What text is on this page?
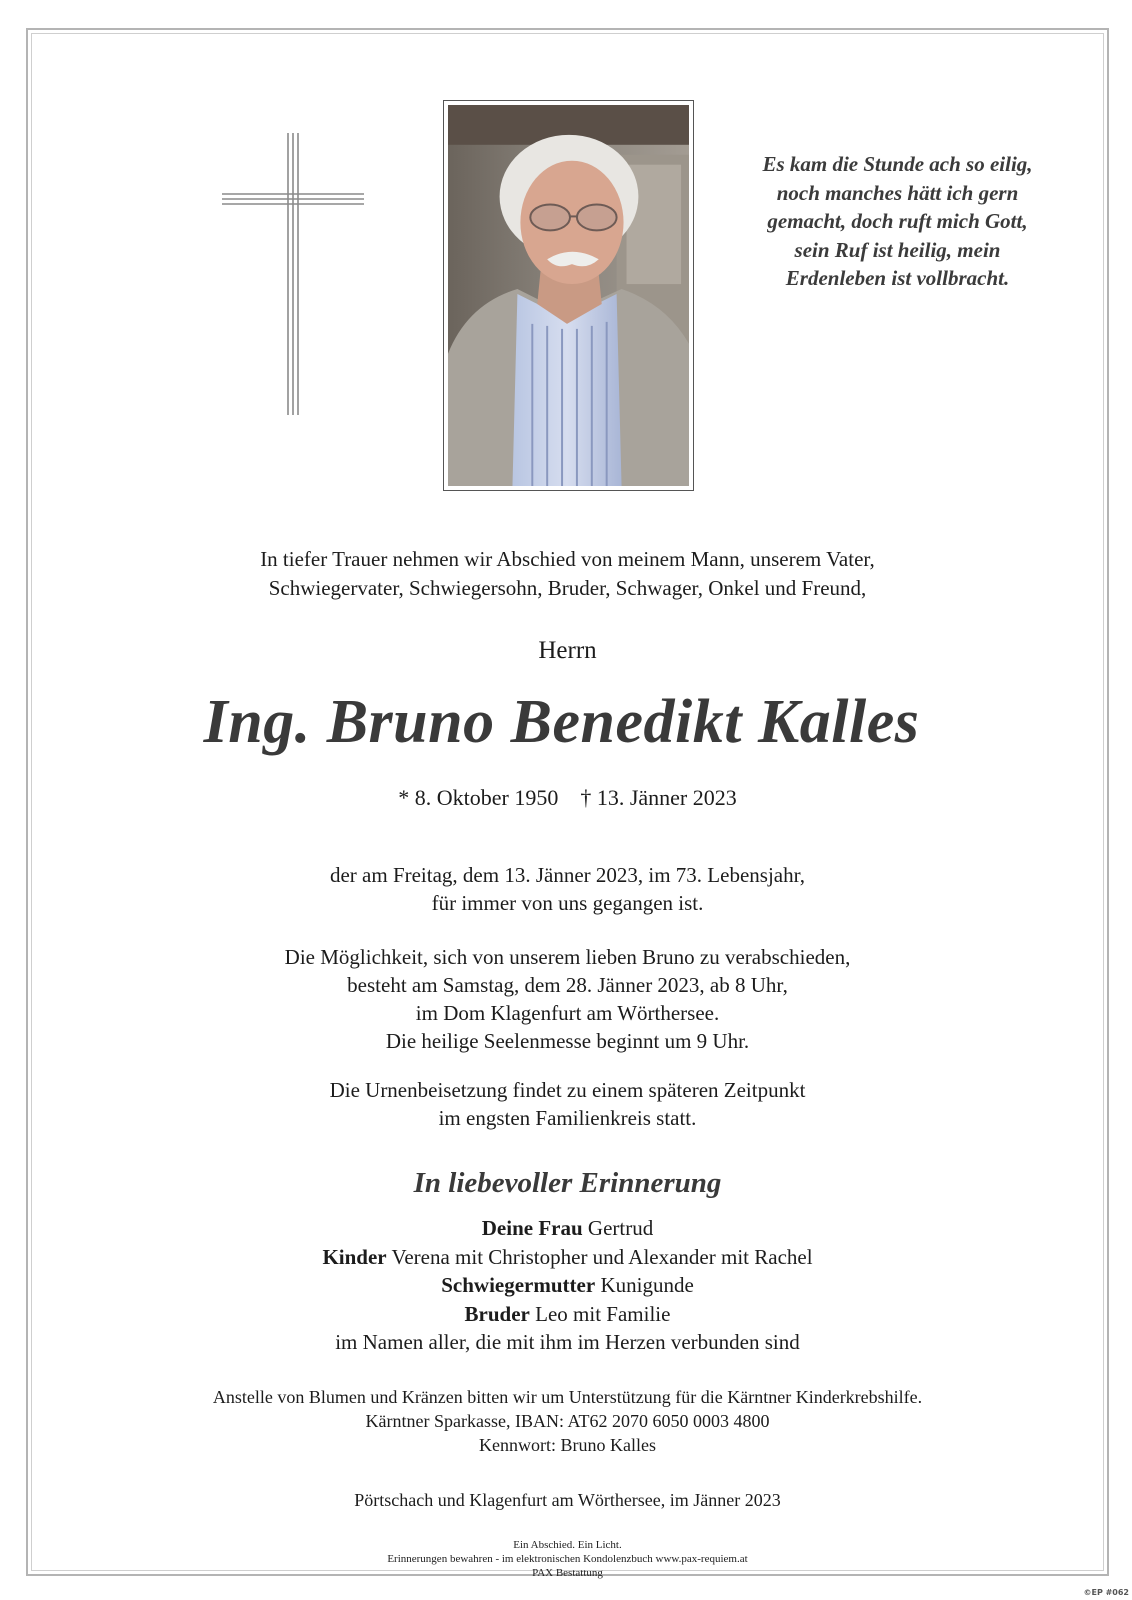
Es kam die Stunde ach so eilig,
noch manches hätt ich gern
gemacht, doch ruft mich Gott,
sein Ruf ist heilig, mein
Erdenleben ist vollbracht.
In tiefer Trauer nehmen wir Abschied von meinem Mann, unserem Vater,
Schwiegervater, Schwiegersohn, Bruder, Schwager, Onkel und Freund,
Herrn
Ing. Bruno Benedikt Kalles
* 8. Oktober 1950 † 13. Jänner 2023
der am Freitag, dem 13. Jänner 2023, im 73. Lebensjahr,
für immer von uns gegangen ist.
Die Möglichkeit, sich von unserem lieben Bruno zu verabschieden,
besteht am Samstag, dem 28. Jänner 2023, ab 8 Uhr,
im Dom Klagenfurt am Wörthersee.
Die heilige Seelenmesse beginnt um 9 Uhr.
Die Urnenbeisetzung findet zu einem späteren Zeitpunkt
im engsten Familienkreis statt.
In liebevoller Erinnerung
Deine Frau Gertrud
Kinder Verena mit Christopher und Alexander mit Rachel
Schwiegermutter Kunigunde
Bruder Leo mit Familie
im Namen aller, die mit ihm im Herzen verbunden sind
Anstelle von Blumen und Kränzen bitten wir um Unterstützung für die Kärntner Kinderkrebshilfe.
Kärntner Sparkasse, IBAN: AT62 2070 6050 0003 4800
Kennwort: Bruno Kalles
Pörtschach und Klagenfurt am Wörthersee, im Jänner 2023
Ein Abschied. Ein Licht.
Erinnerungen bewahren - im elektronischen Kondolenzbuch www.pax-requiem.at
PAX Bestattung
©EP #062
